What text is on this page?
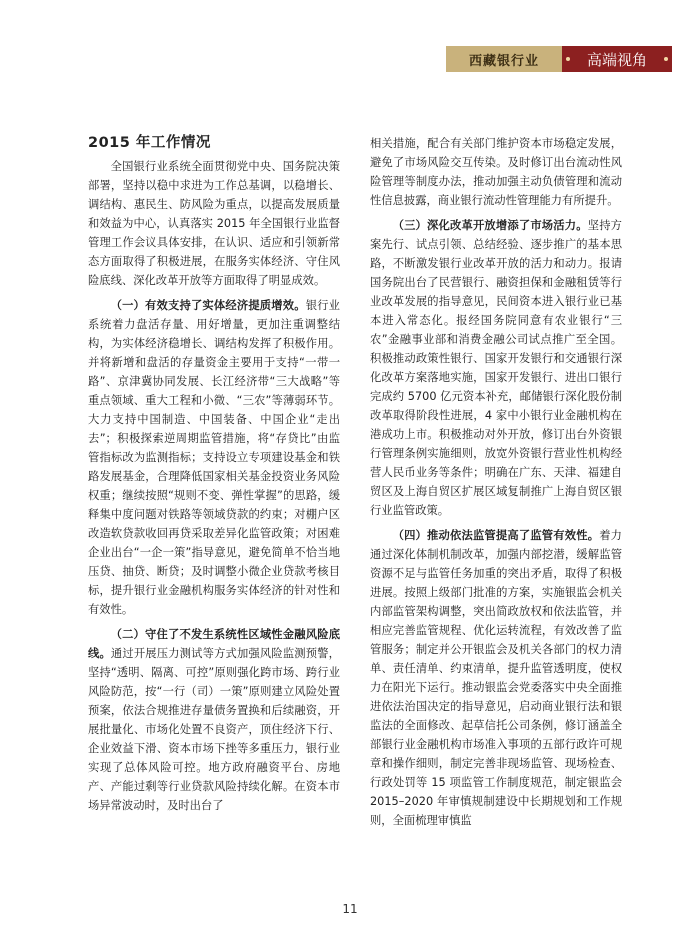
西藏银行业	高端视角
2015 年工作情况

全国银行业系统全面贯彻党中央、国务院决策部署，坚持以稳中求进为工作总基调，以稳增长、调结构、惠民生、防风险为重点，以提高发展质量和效益为中心，认真落实 2015 年全国银行业监督管理工作会议具体安排，在认识、适应和引领新常态方面取得了积极进展，在服务实体经济、守住风险底线、深化改革开放等方面取得了明显成效。

（一）有效支持了实体经济提质增效。银行业系统着力盘活存量、用好增量，更加注重调整结构，为实体经济稳增长、调结构发挥了积极作用。并将新增和盘活的存量资金主要用于支持“一带一路”、京津冀协同发展、长江经济带“三大战略”等重点领域、重大工程和小微、“三农”等薄弱环节。大力支持中国制造、中国装备、中国企业“走出去”；积极探索逆周期监管措施，将“存贷比”由监管指标改为监测指标；支持设立专项建设基金和铁路发展基金，合理降低国家相关基金投资业务风险权重；继续按照“规则不变、弹性掌握”的思路，缓释集中度问题对铁路等领域贷款的约束；对棚户区改造软贷款收回再贷采取差异化监管政策；对困难企业出台“一企一策”指导意见，避免简单不恰当地压贷、抽贷、断贷；及时调整小微企业贷款考核目标，提升银行业金融机构服务实体经济的针对性和有效性。

（二）守住了不发生系统性区域性金融风险底线。通过开展压力测试等方式加强风险监测预警，坚持“透明、隔离、可控”原则强化跨市场、跨行业风险防范，按“一行（司）一策”原则建立风险处置预案，依法合规推进存量债务置换和后续融资，开展批量化、市场化处置不良资产，顶住经济下行、企业效益下滑、资本市场下挫等多重压力，银行业实现了总体风险可控。地方政府融资平台、房地产、产能过剩等行业贷款风险持续化解。在资本市场异常波动时，及时出台了

相关措施，配合有关部门维护资本市场稳定发展，避免了市场风险交互传染。及时修订出台流动性风险管理等制度办法，推动加强主动负债管理和流动性信息披露，商业银行流动性管理能力有所提升。

（三）深化改革开放增添了市场活力。坚持方案先行、试点引领、总结经验、逐步推广的基本思路，不断激发银行业改革开放的活力和动力。报请国务院出台了民营银行、融资担保和金融租赁等行业改革发展的指导意见，民间资本进入银行业已基本进入常态化。报经国务院同意有农业银行“三农”金融事业部和消费金融公司试点推广至全国。积极推动政策性银行、国家开发银行和交通银行深化改革方案落地实施，国家开发银行、进出口银行完成约 5700 亿元资本补充，邮储银行深化股份制改革取得阶段性进展，4 家中小银行业金融机构在港成功上市。积极推动对外开放，修订出台外资银行管理条例实施细则，放宽外资银行营业性机构经营人民币业务等条件；明确在广东、天津、福建自贸区及上海自贸区扩展区域复制推广上海自贸区银行业监管政策。

（四）推动依法监管提高了监管有效性。着力通过深化体制机制改革，加强内部挖潜，缓解监管资源不足与监管任务加重的突出矛盾，取得了积极进展。按照上级部门批准的方案，实施银监会机关内部监管架构调整，突出简政放权和依法监管，并相应完善监管规程、优化运转流程，有效改善了监管服务；制定并公开银监会及机关各部门的权力清单、责任清单、约束清单，提升监管透明度，使权力在阳光下运行。推动银监会党委落实中央全面推进依法治国决定的指导意见，启动商业银行法和银监法的全面修改、起草信托公司条例，修订涵盖全部银行业金融机构市场准入事项的五部行政许可规章和操作细则，制定完善非现场监管、现场检查、行政处罚等 15 项监管工作制度规范，制定银监会 2015–2020 年审慎规制建设中长期规划和工作规则，全面梳理审慎监

11
